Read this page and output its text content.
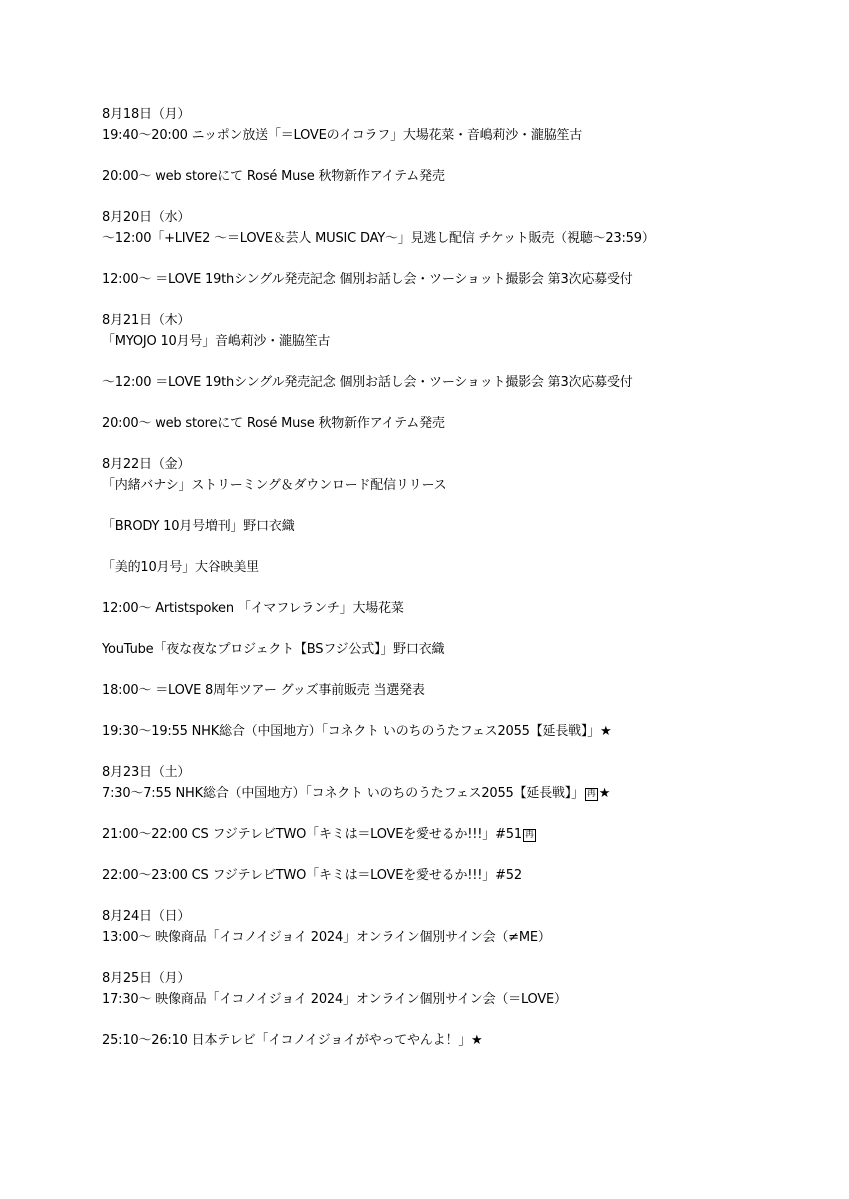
8月18日（月）
19:40～20:00 ニッポン放送「＝LOVEのイコラフ」大場花菜・音嶋莉沙・瀧脇笙古
20:00～ web storeにて Rosé Muse 秋物新作アイテム発売
8月20日（水）
～12:00「+LIVE2 ～＝LOVE＆芸人 MUSIC DAY～」見逃し配信 チケット販売（視聴～23:59）
12:00～ ＝LOVE 19thシングル発売記念 個別お話し会・ツーショット撮影会 第3次応募受付
8月21日（木）
「MYOJO 10月号」音嶋莉沙・瀧脇笙古
～12:00 ＝LOVE 19thシングル発売記念 個別お話し会・ツーショット撮影会 第3次応募受付
20:00～ web storeにて Rosé Muse 秋物新作アイテム発売
8月22日（金）
「内緒バナシ」ストリーミング＆ダウンロード配信リリース
「BRODY 10月号増刊」野口衣織
「美的10月号」大谷映美里
12:00～ Artistspoken 「イマフレランチ」大場花菜
YouTube「夜な夜なプロジェクト【BSフジ公式】」野口衣織
18:00～ ＝LOVE 8周年ツアー グッズ事前販売 当選発表
19:30～19:55 NHK総合（中国地方）「コネクト いのちのうたフェス2055【延長戦】」★
8月23日（土）
7:30～7:55 NHK総合（中国地方）「コネクト いのちのうたフェス2055【延長戦】」 再 ★
21:00～22:00 CS フジテレビTWO「キミは＝LOVEを愛せるか!!!」#51 再
22:00～23:00 CS フジテレビTWO「キミは＝LOVEを愛せるか!!!」#52
8月24日（日）
13:00～ 映像商品「イコノイジョイ 2024」オンライン個別サイン会（≠ME）
8月25日（月）
17:30～ 映像商品「イコノイジョイ 2024」オンライン個別サイン会（＝LOVE）
25:10～26:10 日本テレビ「イコノイジョイがやってやんよ！」★
